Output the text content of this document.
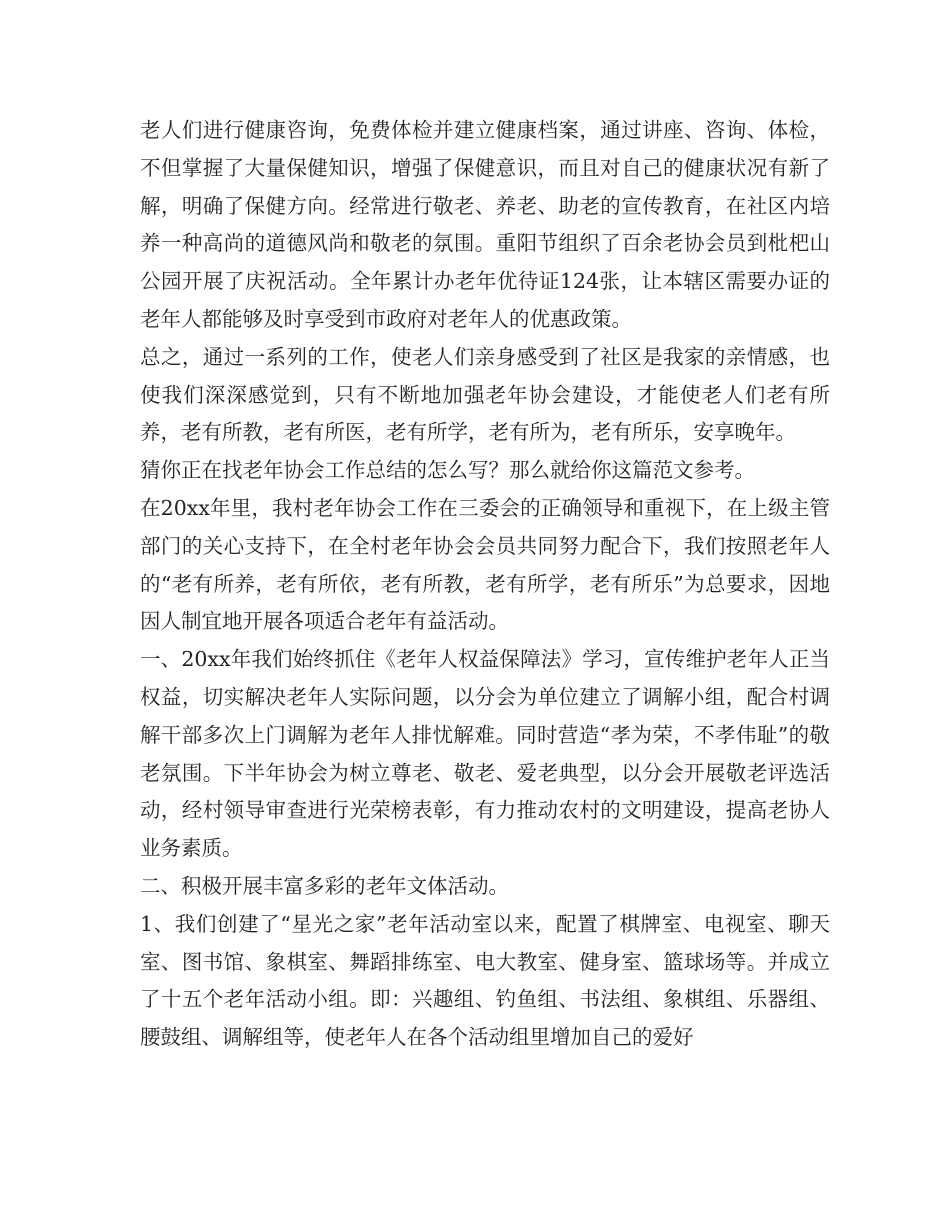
老人们进行健康咨询，免费体检并建立健康档案，通过讲座、咨询、体检，不但掌握了大量保健知识，增强了保健意识，而且对自己的健康状况有新了解，明确了保健方向。经常进行敬老、养老、助老的宣传教育，在社区内培养一种高尚的道德风尚和敬老的氛围。重阳节组织了百余老协会员到枇杷山公园开展了庆祝活动。全年累计办老年优待证124张，让本辖区需要办证的老年人都能够及时享受到市政府对老年人的优惠政策。

总之，通过一系列的工作，使老人们亲身感受到了社区是我家的亲情感，也使我们深深感觉到，只有不断地加强老年协会建设，才能使老人们老有所养，老有所教，老有所医，老有所学，老有所为，老有所乐，安享晚年。

猜你正在找老年协会工作总结的怎么写？那么就给你这篇范文参考。

在20xx年里，我村老年协会工作在三委会的正确领导和重视下，在上级主管部门的关心支持下，在全村老年协会会员共同努力配合下，我们按照老年人的“老有所养，老有所依，老有所教，老有所学，老有所乐”为总要求，因地因人制宜地开展各项适合老年有益活动。

一、20xx年我们始终抓住《老年人权益保障法》学习，宣传维护老年人正当权益，切实解决老年人实际问题，以分会为单位建立了调解小组，配合村调解干部多次上门调解为老年人排忧解难。同时营造“孝为荣，不孝伟耻”的敬老氛围。下半年协会为树立尊老、敬老、爱老典型，以分会开展敬老评选活动，经村领导审查进行光荣榜表彰，有力推动农村的文明建设，提高老协人业务素质。

二、积极开展丰富多彩的老年文体活动。

1、我们创建了“星光之家”老年活动室以来，配置了棋牌室、电视室、聊天室、图书馆、象棋室、舞蹈排练室、电大教室、健身室、篮球场等。并成立了十五个老年活动小组。即：兴趣组、钓鱼组、书法组、象棋组、乐器组、腰鼓组、调解组等，使老年人在各个活动组里增加自己的爱好
